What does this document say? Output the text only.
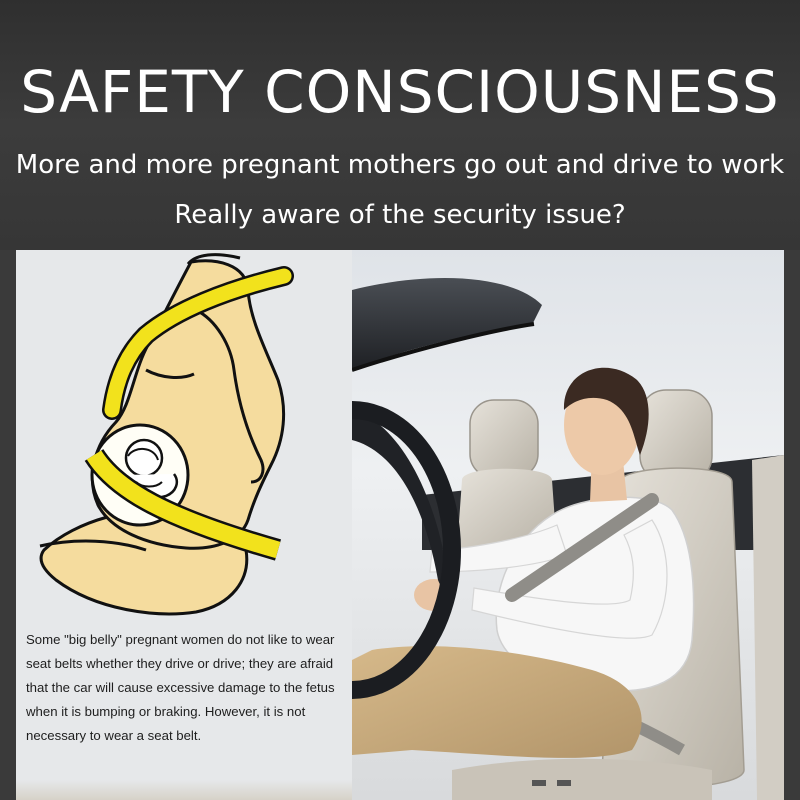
SAFETY CONSCIOUSNESS
More and more pregnant mothers go out and drive to work
Really aware of the security issue?
Some "big belly" pregnant women do not like to wear seat belts whether they drive or drive; they are afraid that the car will cause excessive damage to the fetus when it is bumping or braking. However, it is not necessary to wear a seat belt.
